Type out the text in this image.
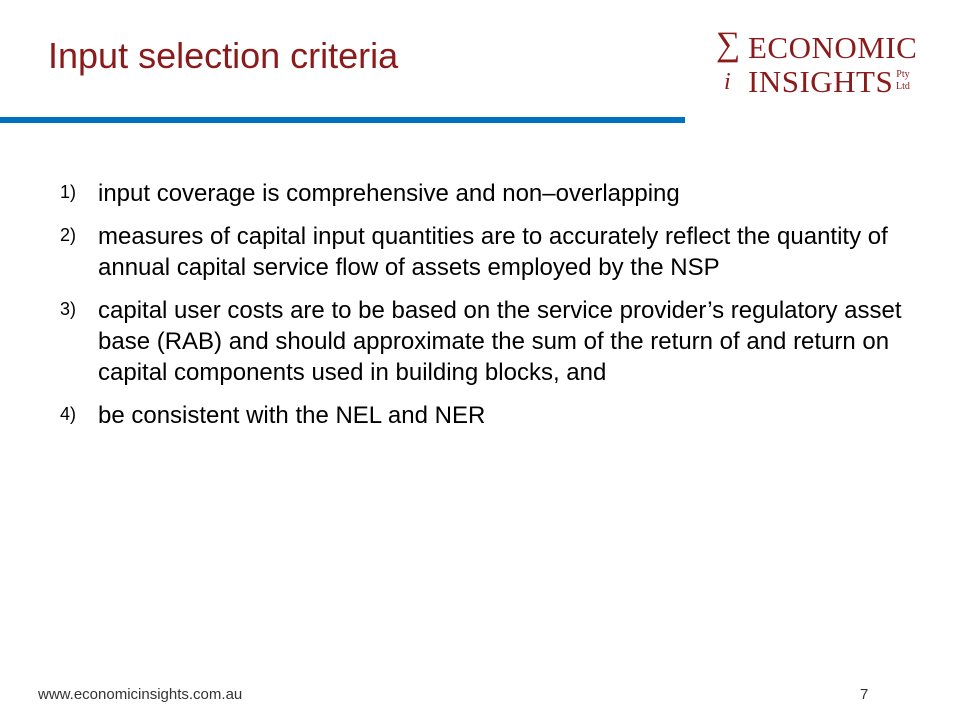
Input selection criteria	∑
i
ECONOMIC
INSIGHTS Pty
Ltd
1) input coverage is comprehensive and non–overlapping
2) measures of capital input quantities are to accurately reflect the quantity of annual capital service flow of assets employed by the NSP
3) capital user costs are to be based on the service provider’s regulatory asset base (RAB) and should approximate the sum of the return of and return on capital components used in building blocks, and
4) be consistent with the NEL and NER
www.economicinsights.com.au	7
